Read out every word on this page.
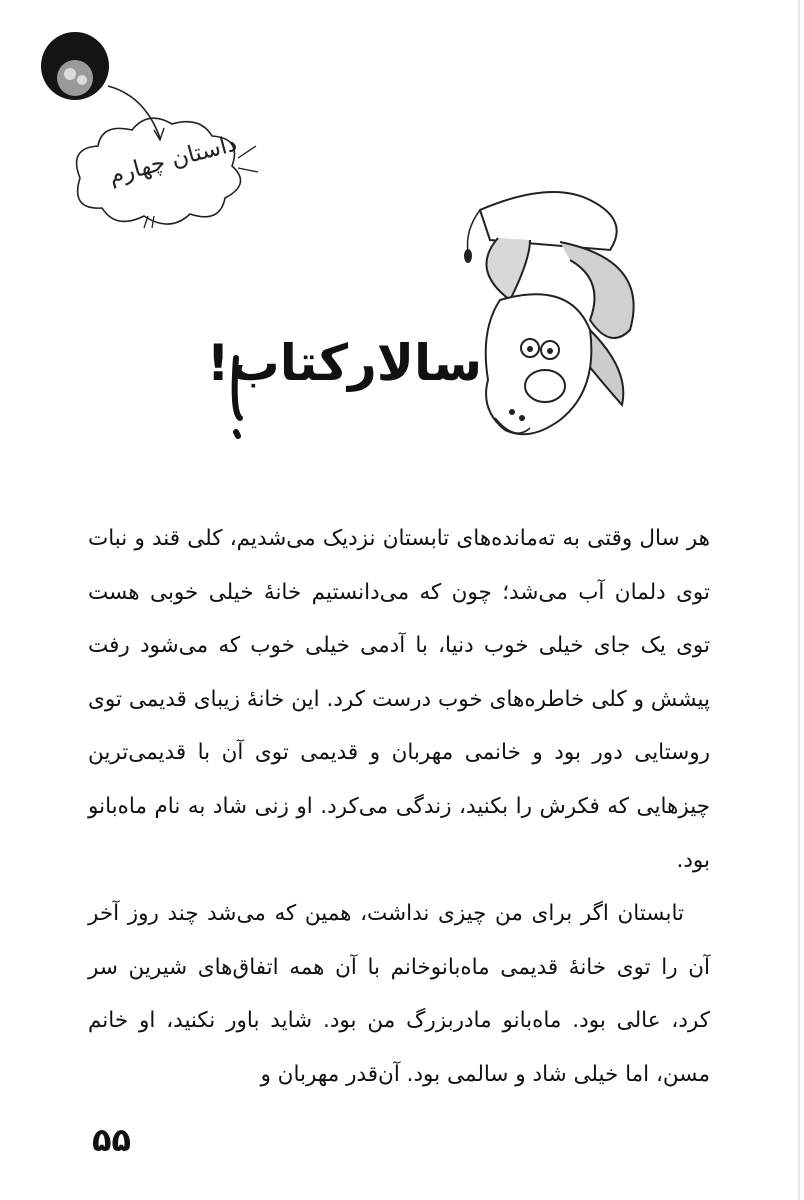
داستان چهارم
سالارکتاب!

هر سال وقتی به ته‌مانده‌های تابستان نزدیک می‌شدیم، کلی قند و نبات توی دلمان آب می‌شد؛ چون که می‌دانستیم خانهٔ خیلی خوبی هست توی یک جای خیلی خوب دنیا، با آدمی خیلی خوب که می‌شود رفت پیشش و کلی خاطره‌های خوب درست کرد. این خانهٔ زیبای قدیمی توی روستایی دور بود و خانمی مهربان و قدیمی توی آن با قدیمی‌ترین چیزهایی که فکرش را بکنید، زندگی می‌کرد. او زنی شاد به نام ماه‌بانو بود.

تابستان اگر برای من چیزی نداشت، همین که می‌شد چند روز آخر آن را توی خانهٔ قدیمی ماه‌بانوخانم با آن همه اتفاق‌های شیرین سر کرد، عالی بود. ماه‌بانو مادربزرگ من بود. شاید باور نکنید، او خانم مسن، اما خیلی شاد و سالمی بود. آن‌قدر مهربان و

۵۵
